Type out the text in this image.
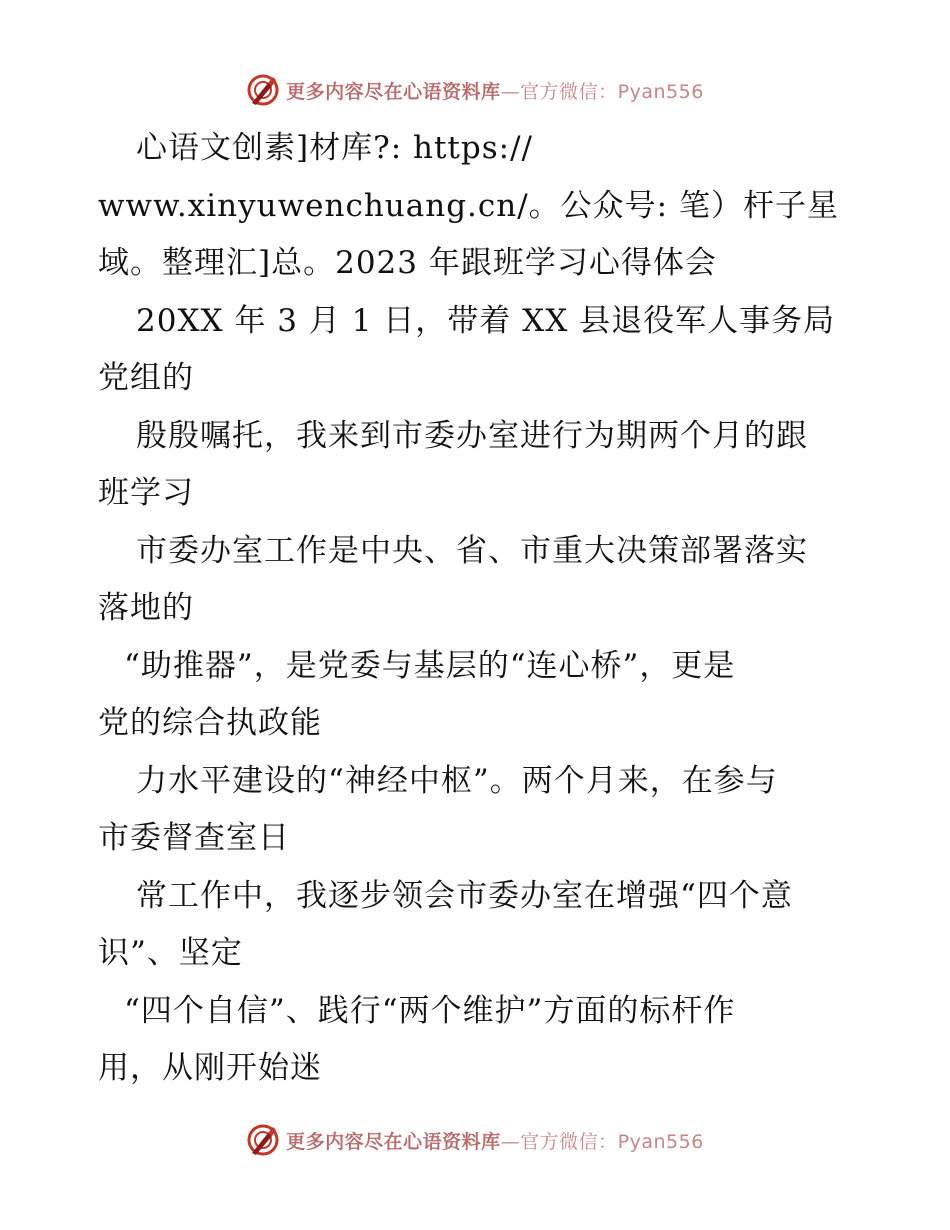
更多内容尽在心语资料库—官方微信：Pyan556
心语文创素]材库?: https://
www.xinyuwenchuang.cn/。公众号: 笔）杆子星
域。整理汇]总。2023 年跟班学习心得体会
20XX 年 3 月 1 日，带着 XX 县退役军人事务局
党组的
殷殷嘱托，我来到市委办室进行为期两个月的跟
班学习
市委办室工作是中央、省、市重大决策部署落实
落地的
“助推器”，是党委与基层的“连心桥”，更是
党的综合执政能
力水平建设的“神经中枢”。两个月来，在参与
市委督查室日
常工作中，我逐步领会市委办室在增强“四个意
识”、坚定
“四个自信”、践行“两个维护”方面的标杆作
用，从刚开始迷
更多内容尽在心语资料库—官方微信：Pyan556
